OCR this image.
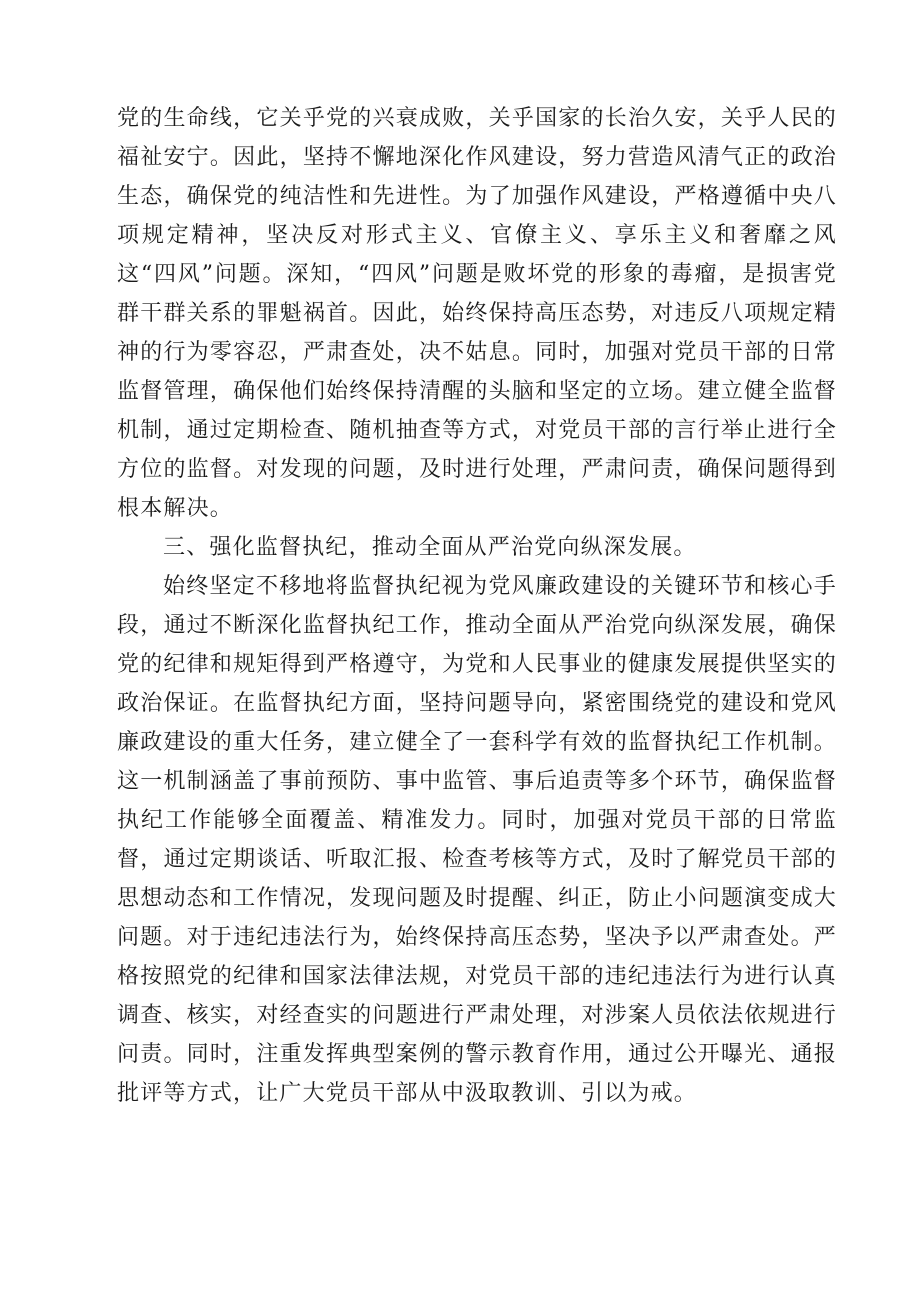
党的生命线，它关乎党的兴衰成败，关乎国家的长治久安，关乎人民的福祉安宁。因此，坚持不懈地深化作风建设，努力营造风清气正的政治生态，确保党的纯洁性和先进性。为了加强作风建设，严格遵循中央八项规定精神，坚决反对形式主义、官僚主义、享乐主义和奢靡之风这“四风”问题。深知，“四风”问题是败坏党的形象的毒瘤，是损害党群干群关系的罪魁祸首。因此，始终保持高压态势，对违反八项规定精神的行为零容忍，严肃查处，决不姑息。同时，加强对党员干部的日常监督管理，确保他们始终保持清醒的头脑和坚定的立场。建立健全监督机制，通过定期检查、随机抽查等方式，对党员干部的言行举止进行全方位的监督。对发现的问题，及时进行处理，严肃问责，确保问题得到根本解决。

三、强化监督执纪，推动全面从严治党向纵深发展。

始终坚定不移地将监督执纪视为党风廉政建设的关键环节和核心手段，通过不断深化监督执纪工作，推动全面从严治党向纵深发展，确保党的纪律和规矩得到严格遵守，为党和人民事业的健康发展提供坚实的政治保证。在监督执纪方面，坚持问题导向，紧密围绕党的建设和党风廉政建设的重大任务，建立健全了一套科学有效的监督执纪工作机制。这一机制涵盖了事前预防、事中监管、事后追责等多个环节，确保监督执纪工作能够全面覆盖、精准发力。同时，加强对党员干部的日常监督，通过定期谈话、听取汇报、检查考核等方式，及时了解党员干部的思想动态和工作情况，发现问题及时提醒、纠正，防止小问题演变成大问题。对于违纪违法行为，始终保持高压态势，坚决予以严肃查处。严格按照党的纪律和国家法律法规，对党员干部的违纪违法行为进行认真调查、核实，对经查实的问题进行严肃处理，对涉案人员依法依规进行问责。同时，注重发挥典型案例的警示教育作用，通过公开曝光、通报批评等方式，让广大党员干部从中汲取教训、引以为戒。
